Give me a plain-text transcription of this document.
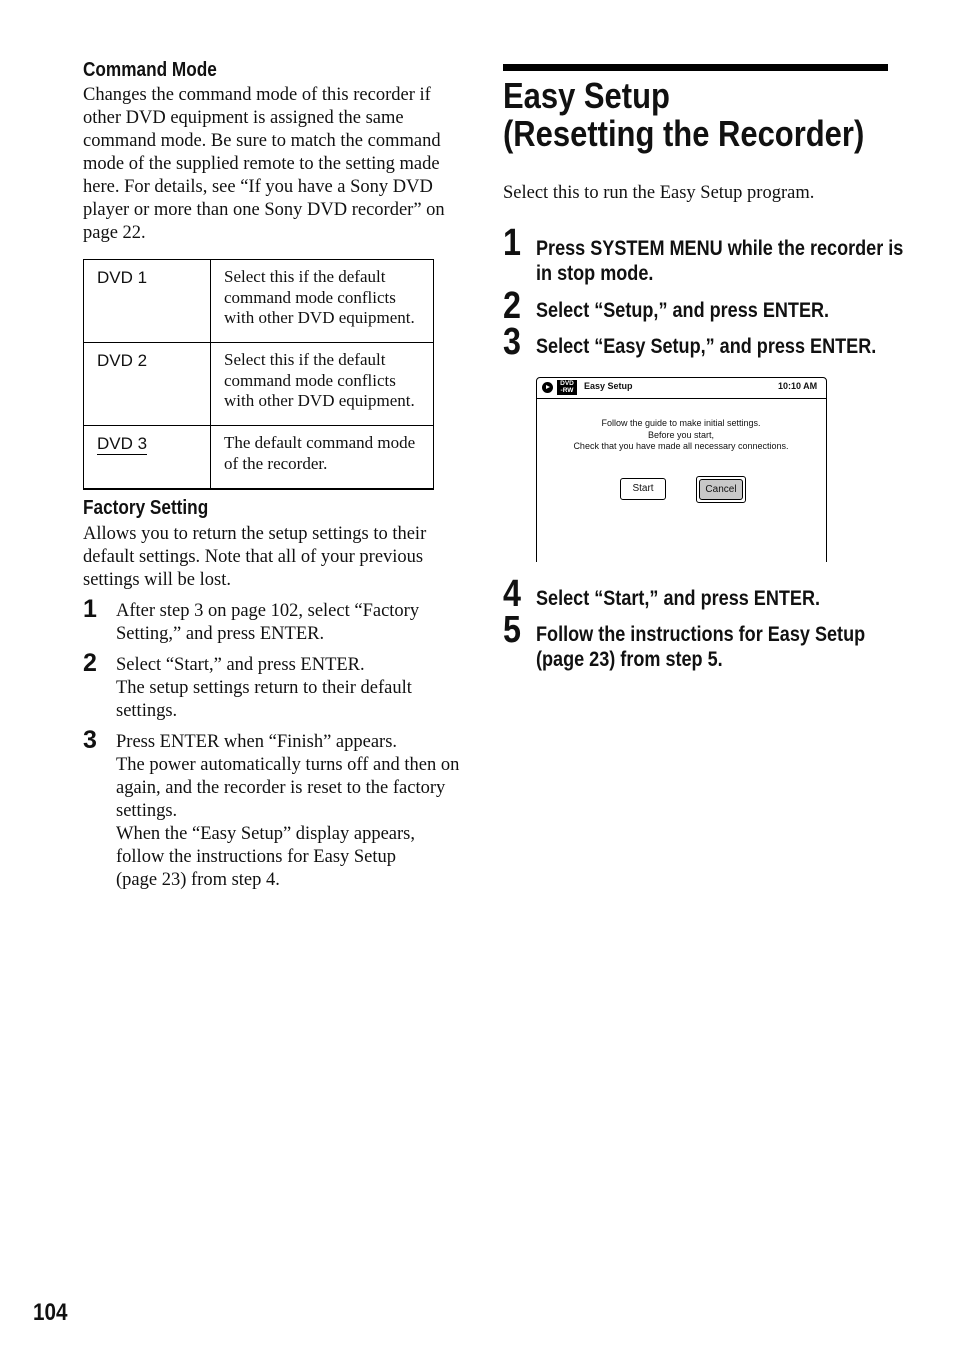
Command Mode
Changes the command mode of this recorder if
other DVD equipment is assigned the same
command mode. Be sure to match the command
mode of the supplied remote to the setting made
here. For details, see “If you have a Sony DVD
player or more than one Sony DVD recorder” on
page 22.
DVD 1	Select this if the default
command mode conflicts
with other DVD equipment.

DVD 2	Select this if the default
command mode conflicts
with other DVD equipment.

DVD 3	The default command mode
of the recorder.
Factory Setting
Allows you to return the setup settings to their
default settings. Note that all of your previous
settings will be lost.
1 After step 3 on page 102, select “Factory
Setting,” and press ENTER.
2 Select “Start,” and press ENTER.
The setup settings return to their default
settings.
3 Press ENTER when “Finish” appears.
The power automatically turns off and then on
again, and the recorder is reset to the factory
settings.
When the “Easy Setup” display appears,
follow the instructions for Easy Setup
(page 23) from step 4.
Easy Setup
(Resetting the Recorder)
Select this to run the Easy Setup program.
1 Press SYSTEM MENU while the recorder is
in stop mode.
2 Select “Setup,” and press ENTER.
3 Select “Easy Setup,” and press ENTER.
DVD
-RW	Easy Setup	10:10 AM
Follow the guide to make initial settings.
Before you start,
Check that you have made all necessary connections.
Start	Cancel
4 Select “Start,” and press ENTER.
5 Follow the instructions for Easy Setup
(page 23) from step 5.
104
